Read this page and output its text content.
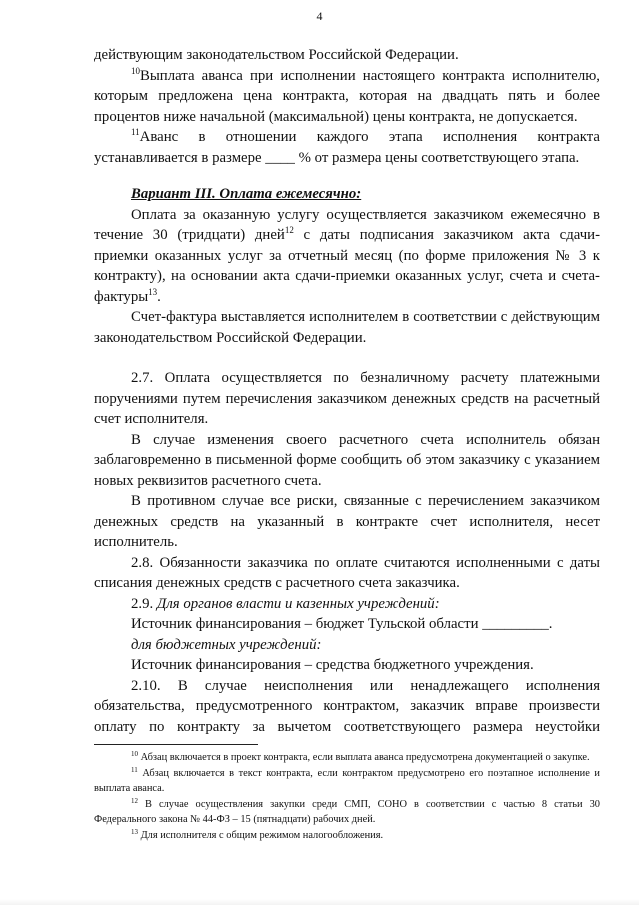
4

действующим законодательством Российской Федерации.

$^{10}$Выплата аванса при исполнении настоящего контракта исполнителю, которым предложена цена контракта, которая на двадцать пять и более процентов ниже начальной (максимальной) цены контракта, не допускается.

$^{11}$Аванс в отношении каждого этапа исполнения контракта устанавливается в размере ____ % от размера цены соответствующего этапа.

Вариант III. Оплата ежемесячно:

Оплата за оказанную услугу осуществляется заказчиком ежемесячно в течение 30 (тридцати) дней$^{12}$ с даты подписания заказчиком акта сдачи-приемки оказанных услуг за отчетный месяц (по форме приложения № 3 к контракту), на основании акта сдачи-приемки оказанных услуг, счета и счета-фактуры$^{13}$.

Счет-фактура выставляется исполнителем в соответствии с действующим законодательством Российской Федерации.

2.7. Оплата осуществляется по безналичному расчету платежными поручениями путем перечисления заказчиком денежных средств на расчетный счет исполнителя.

В случае изменения своего расчетного счета исполнитель обязан заблаговременно в письменной форме сообщить об этом заказчику с указанием новых реквизитов расчетного счета.

В противном случае все риски, связанные с перечислением заказчиком денежных средств на указанный в контракте счет исполнителя, несет исполнитель.

2.8. Обязанности заказчика по оплате считаются исполненными с даты списания денежных средств с расчетного счета заказчика.

2.9. Для органов власти и казенных учреждений:

Источник финансирования – бюджет Тульской области _________.

для бюджетных учреждений:

Источник финансирования – средства бюджетного учреждения.

2.10. В случае неисполнения или ненадлежащего исполнения обязательства, предусмотренного контрактом, заказчик вправе произвести оплату по контракту за вычетом соответствующего размера неустойки

$^{10}$ Абзац включается в проект контракта, если выплата аванса предусмотрена документацией о закупке.

$^{11}$ Абзац включается в текст контракта, если контрактом предусмотрено его поэтапное исполнение и выплата аванса.

$^{12}$ В случае осуществления закупки среди СМП, СОНО в соответствии с частью 8 статьи 30 Федерального закона № 44-ФЗ – 15 (пятнадцати) рабочих дней.

$^{13}$ Для исполнителя с общим режимом налогообложения.
